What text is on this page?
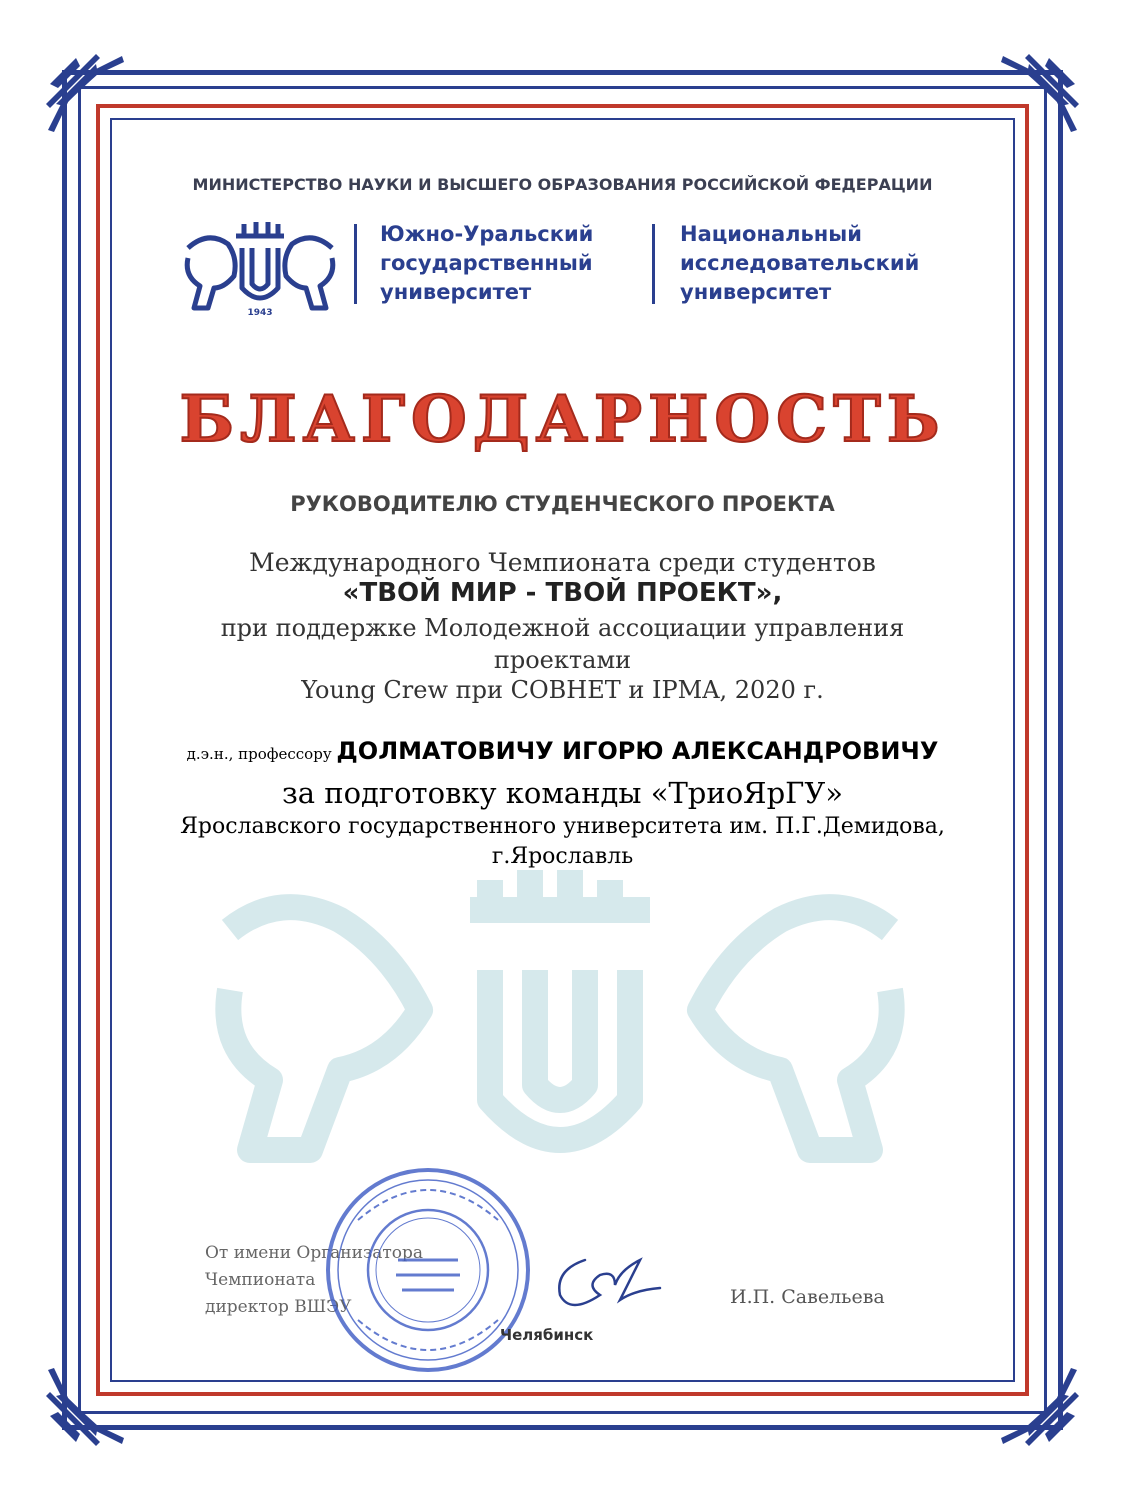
МИНИСТЕРСТВО НАУКИ И ВЫСШЕГО ОБРАЗОВАНИЯ РОССИЙСКОЙ ФЕДЕРАЦИИ
1943
Южно-Уральский
государственный
университет
Национальный
исследовательский
университет
БЛАГОДАРНОСТЬ
РУКОВОДИТЕЛЮ СТУДЕНЧЕСКОГО ПРОЕКТА
Международного Чемпионата среди студентов
«ТВОЙ МИР - ТВОЙ ПРОЕКТ»,
при поддержке Молодежной ассоциации управления
проектами
Young Crew при СОВНЕТ и IPMA, 2020 г.
д.э.н., профессору ДОЛМАТОВИЧУ ИГОРЮ АЛЕКСАНДРОВИЧУ
за подготовку команды «ТриоЯрГУ»
Ярославского государственного университета им. П.Г.Демидова,
г.Ярославль
От имени Организатора
Чемпионата
директор ВШЭУ
Челябинск
И.П. Савельева
